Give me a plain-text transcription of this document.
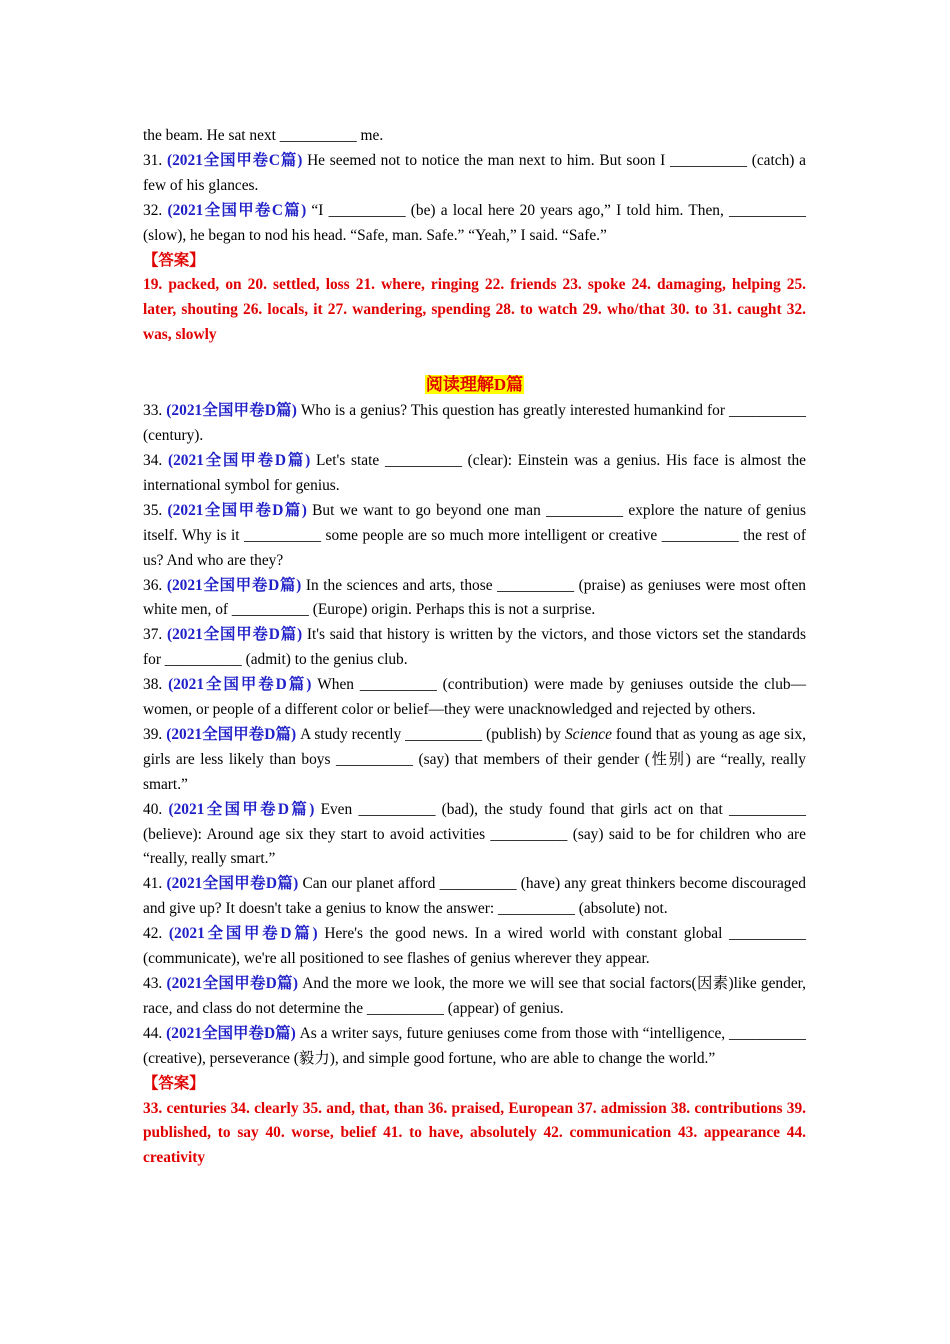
the beam. He sat next __________ me.

31. (2021全国甲卷C篇) He seemed not to notice the man next to him. But soon I __________ (catch) a few of his glances.

32. (2021全国甲卷C篇) “I __________ (be) a local here 20 years ago,” I told him. Then, __________ (slow), he began to nod his head. “Safe, man. Safe.” “Yeah,” I said. “Safe.”

【答案】

19. packed, on 20. settled, loss 21. where, ringing 22. friends 23. spoke 24. damaging, helping 25. later, shouting 26. locals, it 27. wandering, spending 28. to watch 29. who/that 30. to 31. caught 32. was, slowly

阅读理解D篇

33. (2021全国甲卷D篇) Who is a genius? This question has greatly interested humankind for __________ (century).

34. (2021全国甲卷D篇) Let's state __________ (clear): Einstein was a genius. His face is almost the international symbol for genius.

35. (2021全国甲卷D篇) But we want to go beyond one man __________ explore the nature of genius itself. Why is it __________ some people are so much more intelligent or creative __________ the rest of us? And who are they?

36. (2021全国甲卷D篇) In the sciences and arts, those __________ (praise) as geniuses were most often white men, of __________ (Europe) origin. Perhaps this is not a surprise.

37. (2021全国甲卷D篇) It's said that history is written by the victors, and those victors set the standards for __________ (admit) to the genius club.

38. (2021全国甲卷D篇) When __________ (contribution) were made by geniuses outside the club—women, or people of a different color or belief—they were unacknowledged and rejected by others.

39. (2021全国甲卷D篇) A study recently __________ (publish) by Science found that as young as age six, girls are less likely than boys __________ (say) that members of their gender (性别) are “really, really smart.”

40. (2021全国甲卷D篇) Even __________ (bad), the study found that girls act on that __________ (believe): Around age six they start to avoid activities __________ (say) said to be for children who are “really, really smart.”

41. (2021全国甲卷D篇) Can our planet afford __________ (have) any great thinkers become discouraged and give up? It doesn't take a genius to know the answer: __________ (absolute) not.

42. (2021全国甲卷D篇) Here's the good news. In a wired world with constant global __________ (communicate), we're all positioned to see flashes of genius wherever they appear.

43. (2021全国甲卷D篇) And the more we look, the more we will see that social factors(因素)like gender, race, and class do not determine the __________ (appear) of genius.

44. (2021全国甲卷D篇) As a writer says, future geniuses come from those with “intelligence, __________ (creative), perseverance (毅力), and simple good fortune, who are able to change the world.”

【答案】

33. centuries 34. clearly 35. and, that, than 36. praised, European 37. admission 38. contributions 39. published, to say 40. worse, belief 41. to have, absolutely 42. communication 43. appearance 44. creativity
